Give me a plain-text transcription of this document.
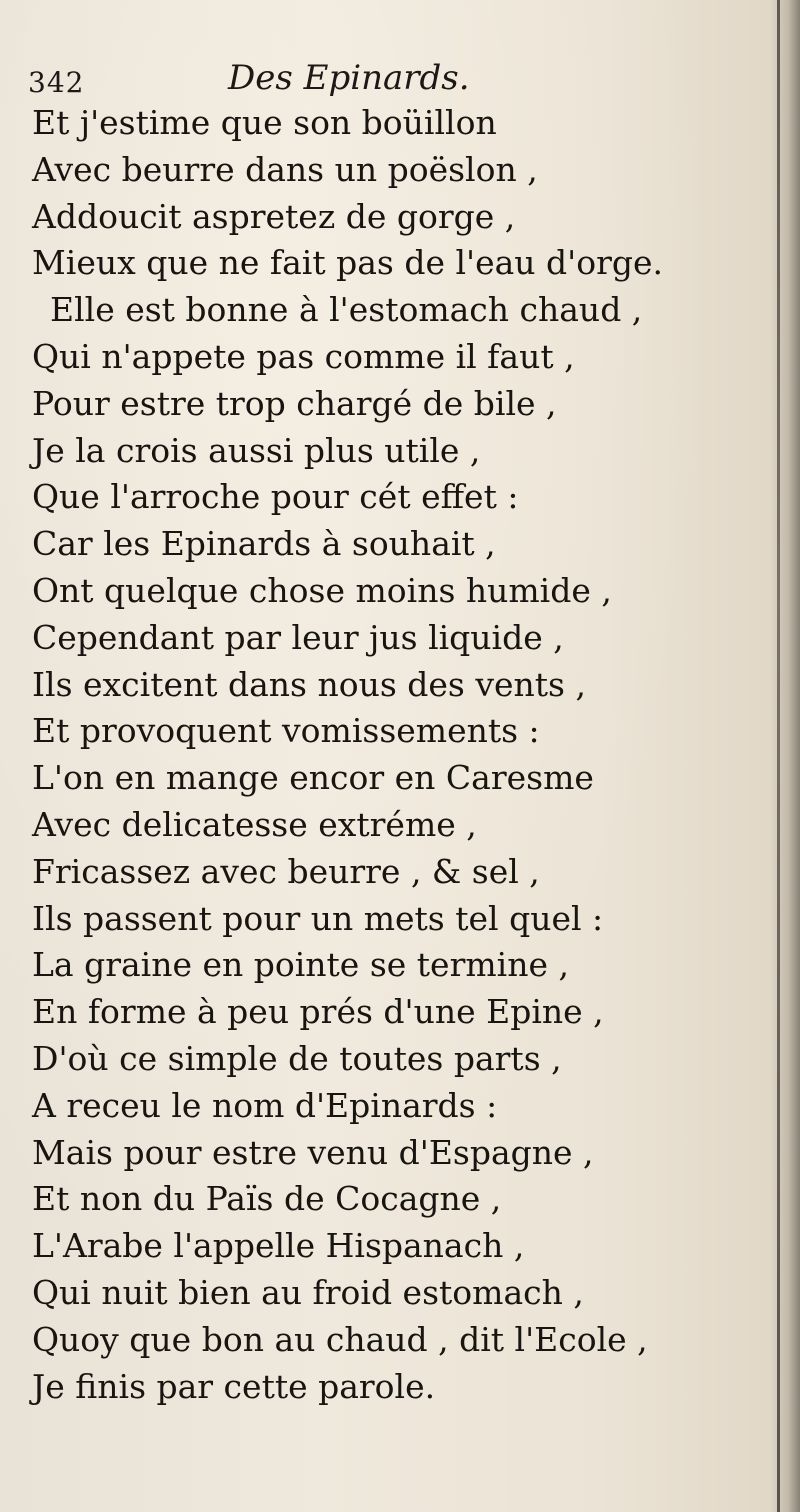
342	Des Epinards.
Et j'estime que son boüillon
Avec beurre dans un poëslon ,
Addoucit aspretez de gorge ,
Mieux que ne fait pas de l'eau d'orge.
Elle est bonne à l'estomach chaud ,
Qui n'appete pas comme il faut ,
Pour estre trop chargé de bile ,
Je la crois aussi plus utile ,
Que l'arroche pour cét effet :
Car les Epinards à souhait ,
Ont quelque chose moins humide ,
Cependant par leur jus liquide ,
Ils excitent dans nous des vents ,
Et provoquent vomissements :
L'on en mange encor en Caresme
Avec delicatesse extréme ,
Fricassez avec beurre , & sel ,
Ils passent pour un mets tel quel :
La graine en pointe se termine ,
En forme à peu prés d'une Epine ,
D'où ce simple de toutes parts ,
A receu le nom d'Epinards :
Mais pour estre venu d'Espagne ,
Et non du Païs de Cocagne ,
L'Arabe l'appelle Hispanach ,
Qui nuit bien au froid estomach ,
Quoy que bon au chaud , dit l'Ecole ,
Je finis par cette parole.
